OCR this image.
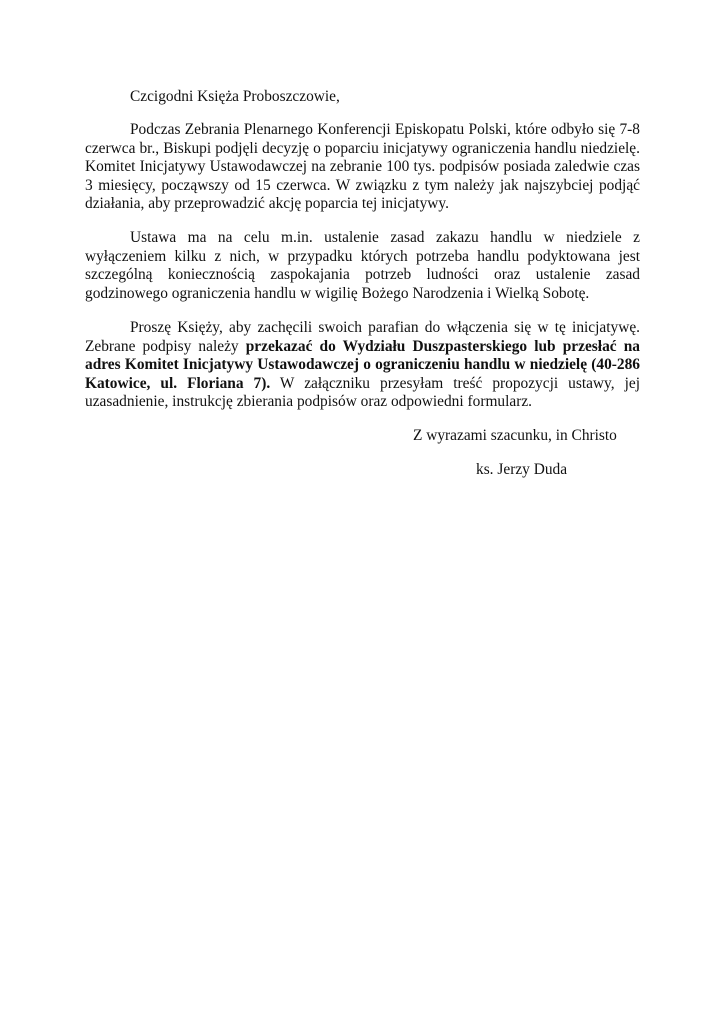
Czcigodni Księża Proboszczowie,
Podczas Zebrania Plenarnego Konferencji Episkopatu Polski, które odbyło się 7-8 czerwca br., Biskupi podjęli decyzję o poparciu inicjatywy ograniczenia handlu niedzielę. Komitet Inicjatywy Ustawodawczej na zebranie 100 tys. podpisów posiada zaledwie czas 3 miesięcy, począwszy od 15 czerwca. W związku z tym należy jak najszybciej podjąć działania, aby przeprowadzić akcję poparcia tej inicjatywy.
Ustawa ma na celu m.in. ustalenie zasad zakazu handlu w niedziele z wyłączeniem kilku z nich, w przypadku których potrzeba handlu podyktowana jest szczególną koniecznością zaspokajania potrzeb ludności oraz ustalenie zasad godzinowego ograniczenia handlu w wigilię Bożego Narodzenia i Wielką Sobotę.
Proszę Księży, aby zachęcili swoich parafian do włączenia się w tę inicjatywę. Zebrane podpisy należy przekazać do Wydziału Duszpasterskiego lub przesłać na adres Komitet Inicjatywy Ustawodawczej o ograniczeniu handlu w niedzielę (40-286 Katowice, ul. Floriana 7). W załączniku przesyłam treść propozycji ustawy, jej uzasadnienie, instrukcję zbierania podpisów oraz odpowiedni formularz.
Z wyrazami szacunku, in Christo
ks. Jerzy Duda
